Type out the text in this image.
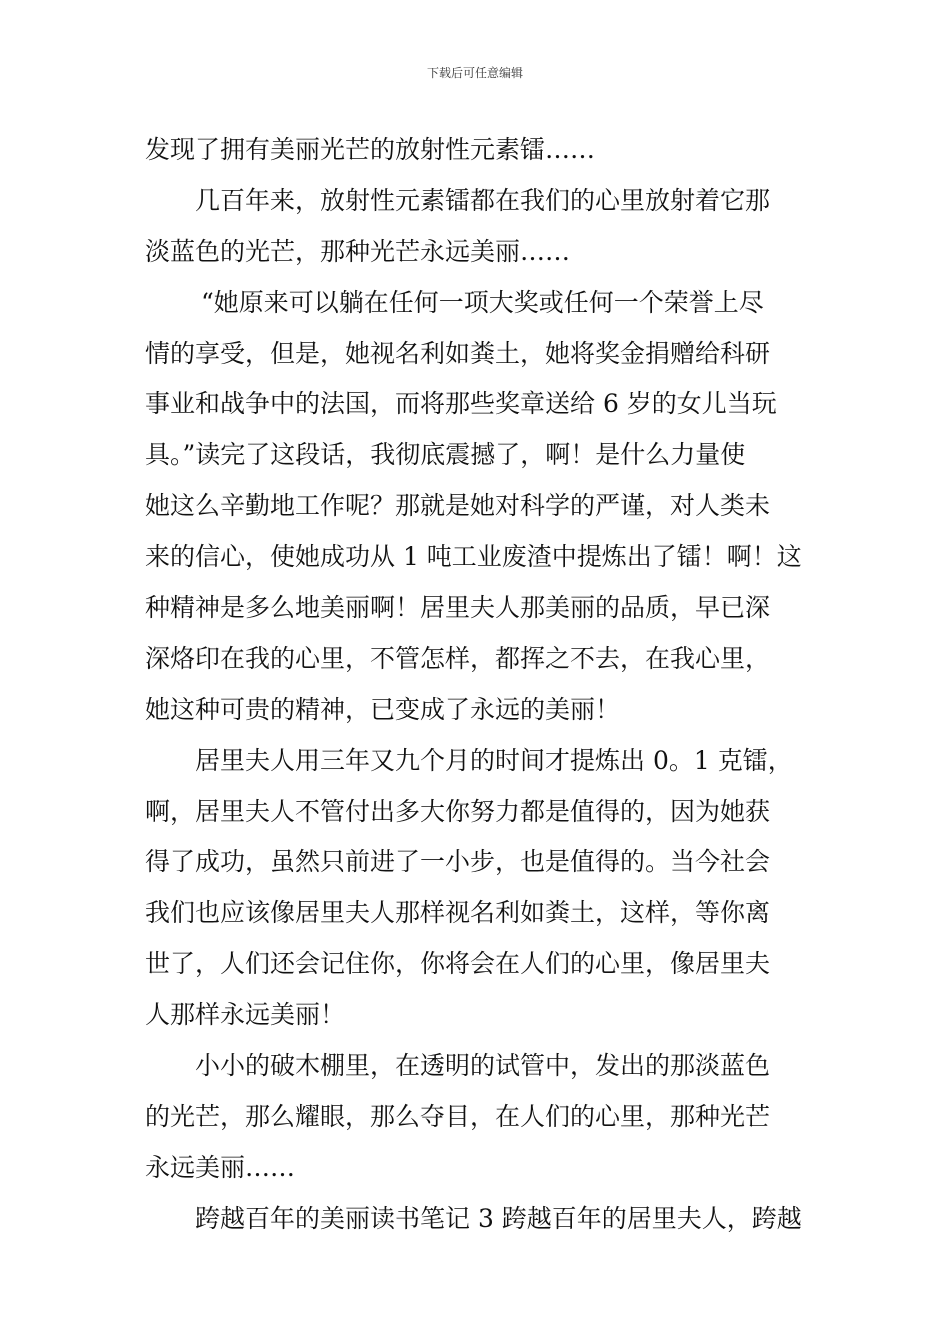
下载后可任意编辑
发现了拥有美丽光芒的放射性元素镭……
几百年来，放射性元素镭都在我们的心里放射着它那
淡蓝色的光芒，那种光芒永远美丽……
“她原来可以躺在任何一项大奖或任何一个荣誉上尽
情的享受，但是，她视名利如粪土，她将奖金捐赠给科研
事业和战争中的法国，而将那些奖章送给 6 岁的女儿当玩
具。”读完了这段话，我彻底震撼了，啊！是什么力量使
她这么辛勤地工作呢？那就是她对科学的严谨，对人类未
来的信心，使她成功从 1 吨工业废渣中提炼出了镭！啊！这
种精神是多么地美丽啊！居里夫人那美丽的品质，早已深
深烙印在我的心里，不管怎样，都挥之不去，在我心里，
她这种可贵的精神，已变成了永远的美丽！
居里夫人用三年又九个月的时间才提炼出 0。1 克镭，
啊，居里夫人不管付出多大你努力都是值得的，因为她获
得了成功，虽然只前进了一小步，也是值得的。当今社会
我们也应该像居里夫人那样视名利如粪土，这样，等你离
世了，人们还会记住你，你将会在人们的心里，像居里夫
人那样永远美丽！
小小的破木棚里，在透明的试管中，发出的那淡蓝色
的光芒，那么耀眼，那么夺目，在人们的心里，那种光芒
永远美丽……
跨越百年的美丽读书笔记 3 跨越百年的居里夫人，跨越
